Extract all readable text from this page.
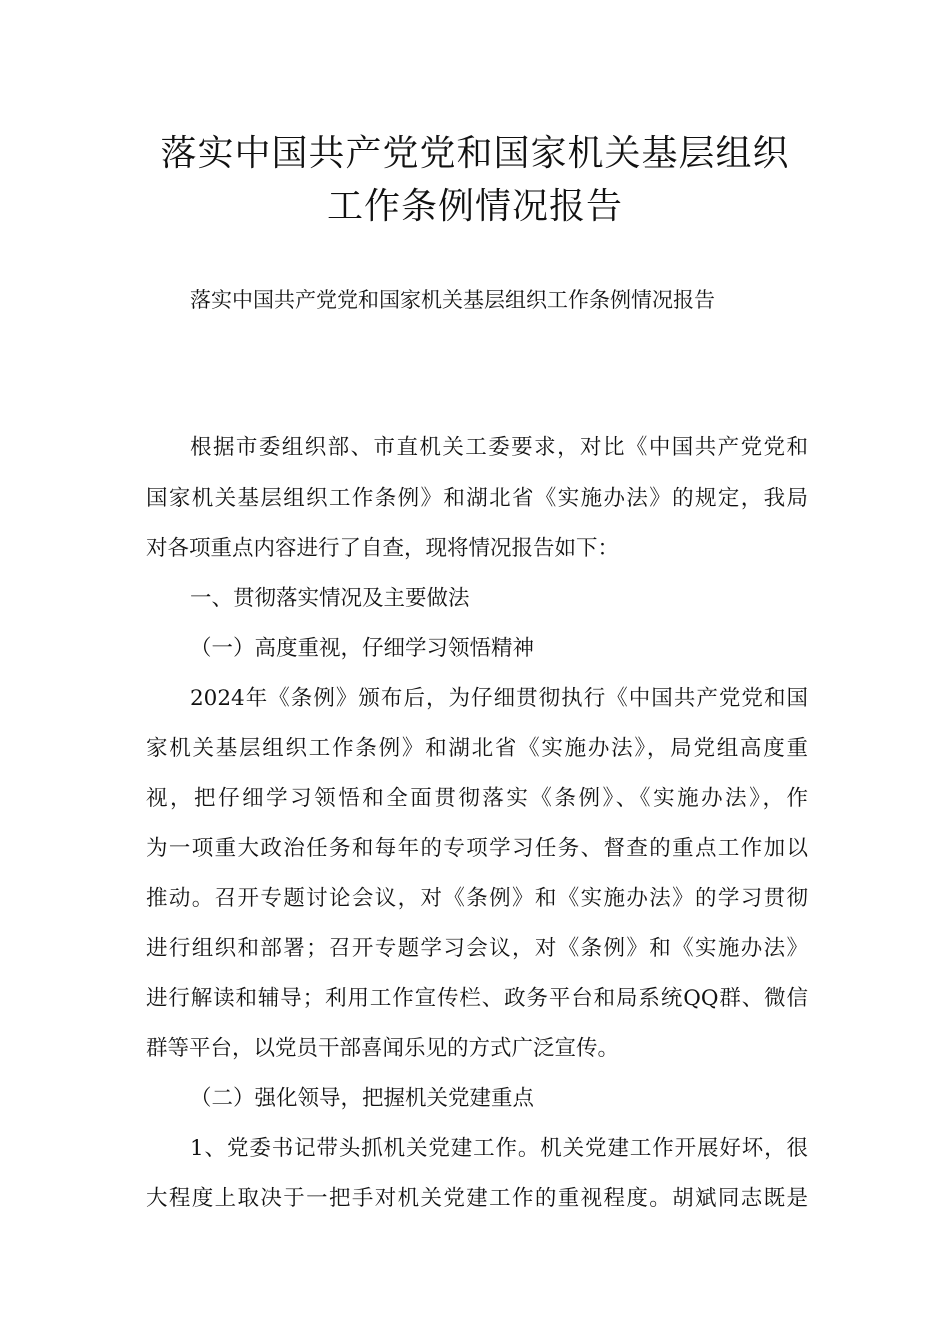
落实中国共产党党和国家机关基层组织
工作条例情况报告
落实中国共产党党和国家机关基层组织工作条例情况报告
根据市委组织部、市直机关工委要求，对比《中国共产党党和
国家机关基层组织工作条例》和湖北省《实施办法》的规定，我局
对各项重点内容进行了自查，现将情况报告如下：
一、贯彻落实情况及主要做法
（一）高度重视，仔细学习领悟精神
2024年《条例》颁布后，为仔细贯彻执行《中国共产党党和国
家机关基层组织工作条例》和湖北省《实施办法》，局党组高度重
视，把仔细学习领悟和全面贯彻落实《条例》、《实施办法》，作
为一项重大政治任务和每年的专项学习任务、督查的重点工作加以
推动。召开专题讨论会议，对《条例》和《实施办法》的学习贯彻
进行组织和部署；召开专题学习会议，对《条例》和《实施办法》
进行解读和辅导；利用工作宣传栏、政务平台和局系统QQ群、微信
群等平台，以党员干部喜闻乐见的方式广泛宣传。
（二）强化领导，把握机关党建重点
1、党委书记带头抓机关党建工作。机关党建工作开展好坏，很
大程度上取决于一把手对机关党建工作的重视程度。胡斌同志既是
